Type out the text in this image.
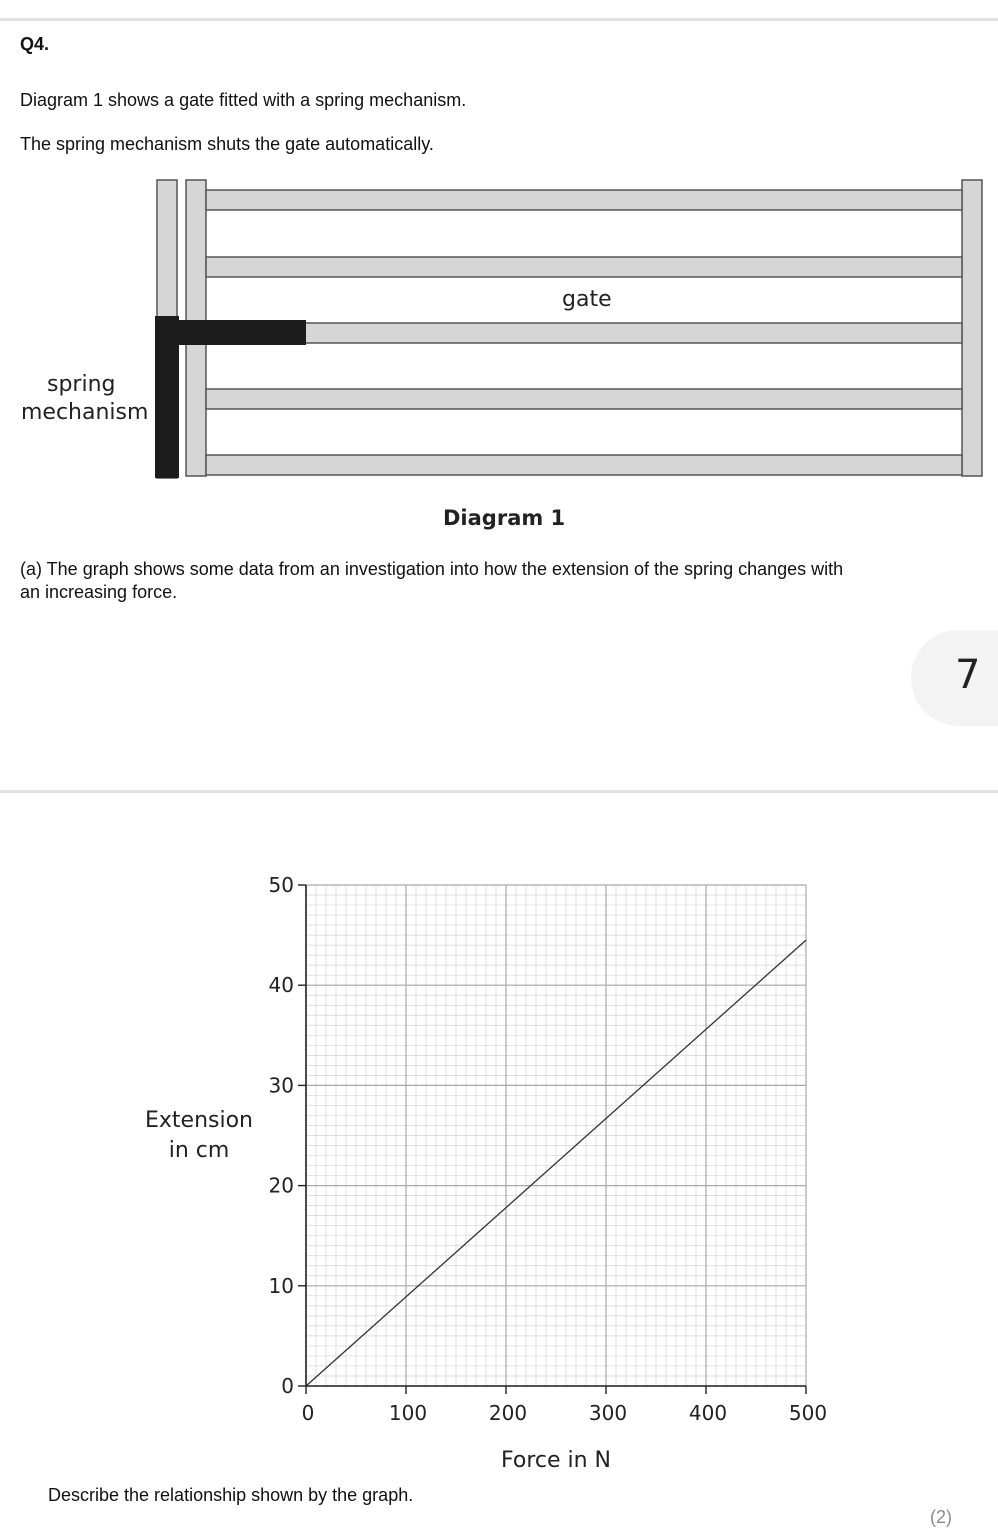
Q4.
Diagram 1 shows a gate fitted with a spring mechanism.
The spring mechanism shuts the gate automatically.
gate
spring
mechanism
Diagram 1
(a) The graph shows some data from an investigation into how the extension of the spring changes with
an increasing force.
7
0
10
20
30
40
50
0	100	200	300	400	500
Extension
in cm
Force in N
Describe the relationship shown by the graph.
(2)
